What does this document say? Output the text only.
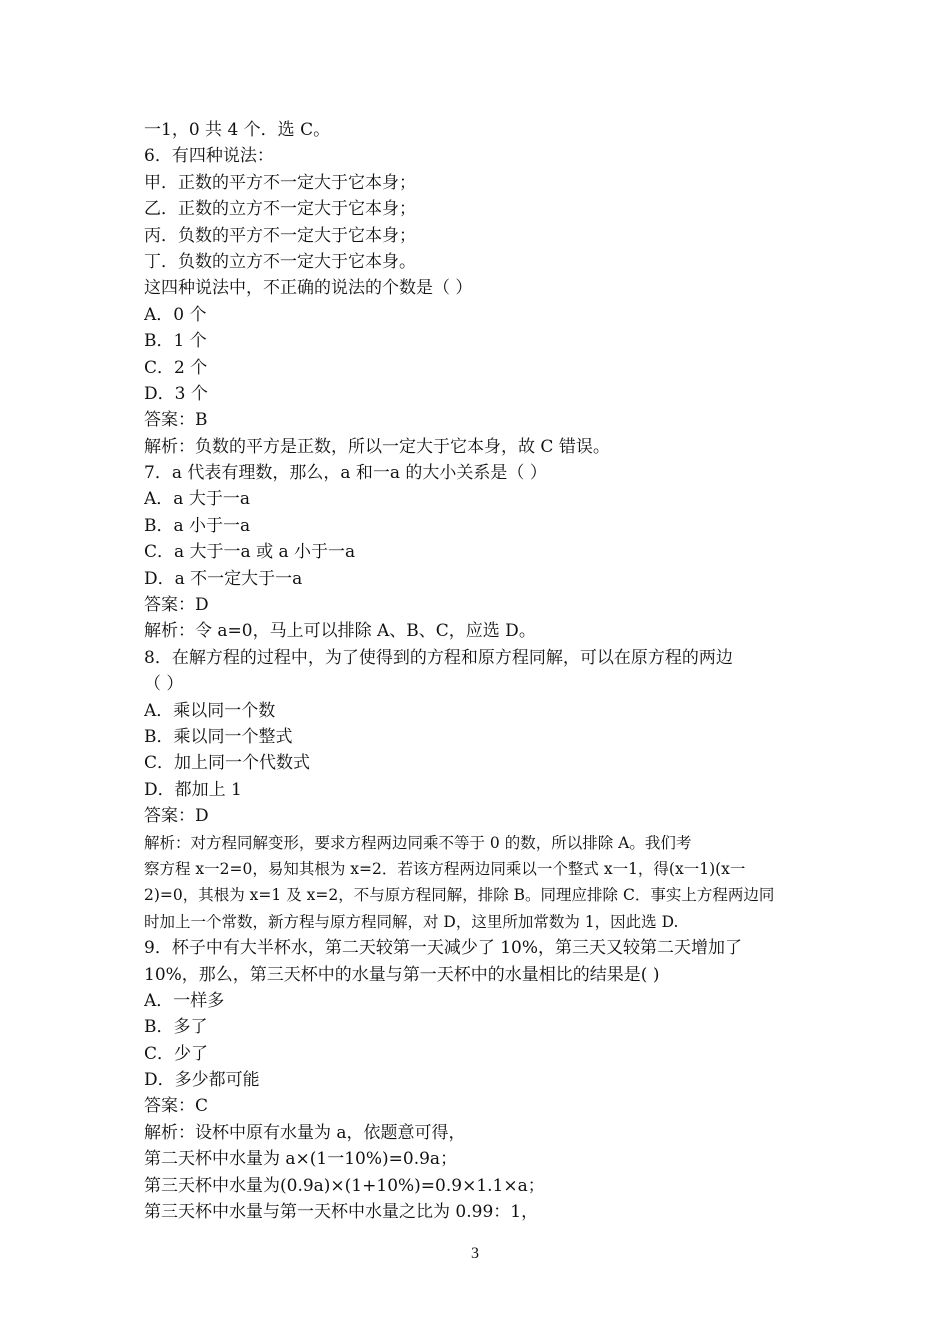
一1，0 共 4 个．选 C。
6．有四种说法：
甲．正数的平方不一定大于它本身；
乙．正数的立方不一定大于它本身；
丙．负数的平方不一定大于它本身；
丁．负数的立方不一定大于它本身。
这四种说法中，不正确的说法的个数是（ ）
A．0 个
B．1 个
C．2 个
D．3 个
答案：B
解析：负数的平方是正数，所以一定大于它本身，故 C 错误。
7．a 代表有理数，那么，a 和一a 的大小关系是（ ）
A．a 大于一a
B．a 小于一a
C．a 大于一a 或 a 小于一a
D．a 不一定大于一a
答案：D
解析：令 a=0，马上可以排除 A、B、C，应选 D。
8．在解方程的过程中，为了使得到的方程和原方程同解，可以在原方程的两边
（ ）
A．乘以同一个数
B．乘以同一个整式
C．加上同一个代数式
D．都加上 1
答案：D
解析：对方程同解变形，要求方程两边同乘不等于 0 的数，所以排除 A。我们考
察方程 x一2=0，易知其根为 x=2．若该方程两边同乘以一个整式 x一1，得(x一1)(x一
2)=0，其根为 x=1 及 x=2，不与原方程同解，排除 B。同理应排除 C．事实上方程两边同
时加上一个常数，新方程与原方程同解，对 D，这里所加常数为 1，因此选 D.
9．杯子中有大半杯水，第二天较第一天减少了 10%，第三天又较第二天增加了
10%，那么，第三天杯中的水量与第一天杯中的水量相比的结果是( )
A．一样多
B．多了
C．少了
D．多少都可能
答案：C
解析：设杯中原有水量为 a，依题意可得，
第二天杯中水量为 a×(1一10%)=0.9a；
第三天杯中水量为(0.9a)×(1+10%)=0.9×1.1×a；
第三天杯中水量与第一天杯中水量之比为 0.99：1，
3
